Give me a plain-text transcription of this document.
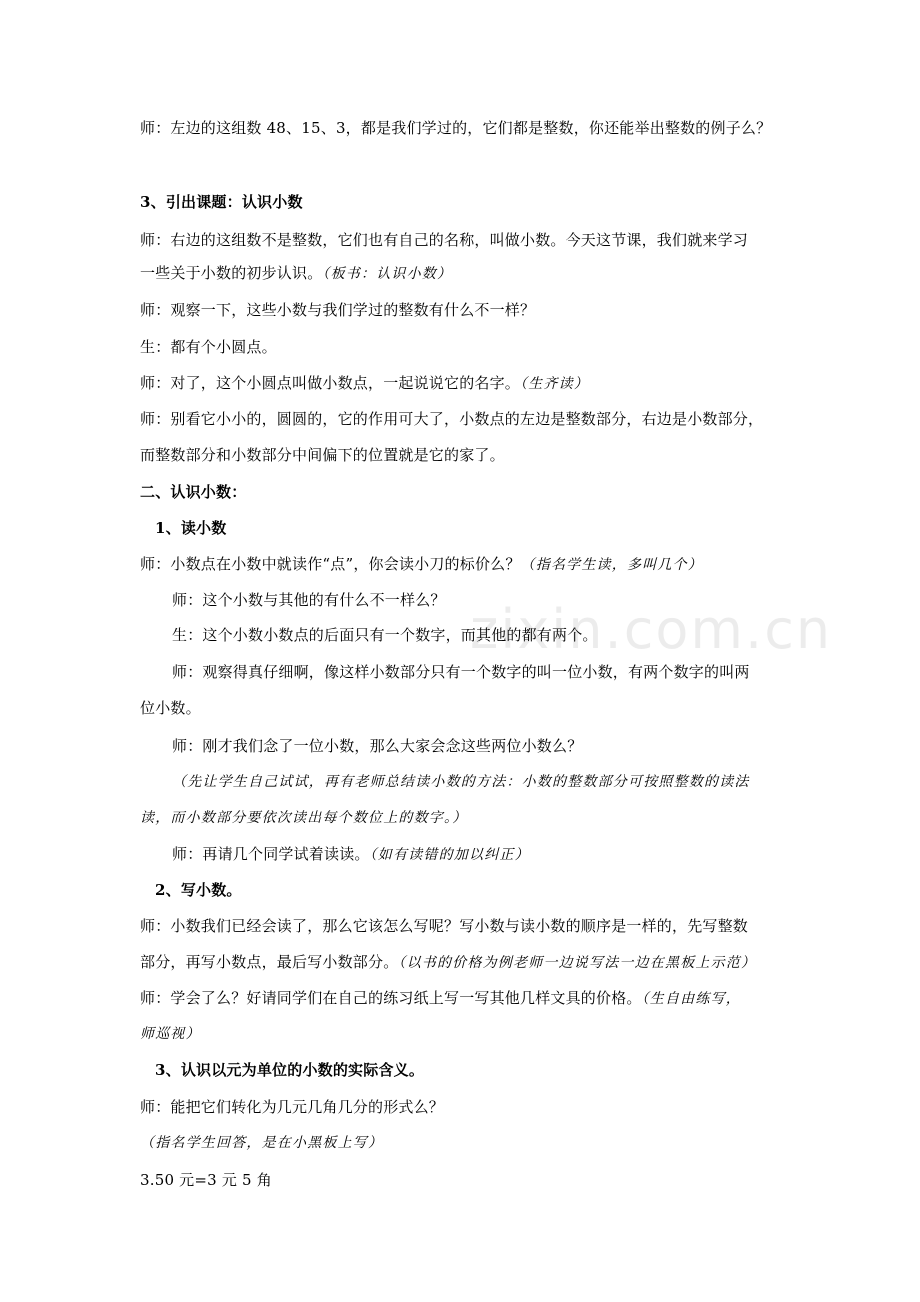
zixin.com.cn
师：左边的这组数 48、15、3，都是我们学过的，它们都是整数，你还能举出整数的例子么？
3、引出课题：认识小数
师：右边的这组数不是整数，它们也有自己的名称，叫做小数。今天这节课，我们就来学习
一些关于小数的初步认识。（板书：认识小数）
师：观察一下，这些小数与我们学过的整数有什么不一样？
生：都有个小圆点。
师：对了，这个小圆点叫做小数点，一起说说它的名字。（生齐读）
师：别看它小小的，圆圆的，它的作用可大了，小数点的左边是整数部分，右边是小数部分，
而整数部分和小数部分中间偏下的位置就是它的家了。
二、认识小数：
1、读小数
师：小数点在小数中就读作“点”，你会读小刀的标价么？（指名学生读，多叫几个）
师：这个小数与其他的有什么不一样么？
生：这个小数小数点的后面只有一个数字，而其他的都有两个。
师：观察得真仔细啊，像这样小数部分只有一个数字的叫一位小数，有两个数字的叫两
位小数。
师：刚才我们念了一位小数，那么大家会念这些两位小数么？
（先让学生自己试试，再有老师总结读小数的方法：小数的整数部分可按照整数的读法
读，而小数部分要依次读出每个数位上的数字。）
师：再请几个同学试着读读。（如有读错的加以纠正）
2、写小数。
师：小数我们已经会读了，那么它该怎么写呢？写小数与读小数的顺序是一样的，先写整数
部分，再写小数点，最后写小数部分。（以书的价格为例老师一边说写法一边在黑板上示范）
师：学会了么？好请同学们在自己的练习纸上写一写其他几样文具的价格。（生自由练写，
师巡视）
3、认识以元为单位的小数的实际含义。
师：能把它们转化为几元几角几分的形式么？
（指名学生回答，是在小黑板上写）
3.50 元=3 元 5 角
